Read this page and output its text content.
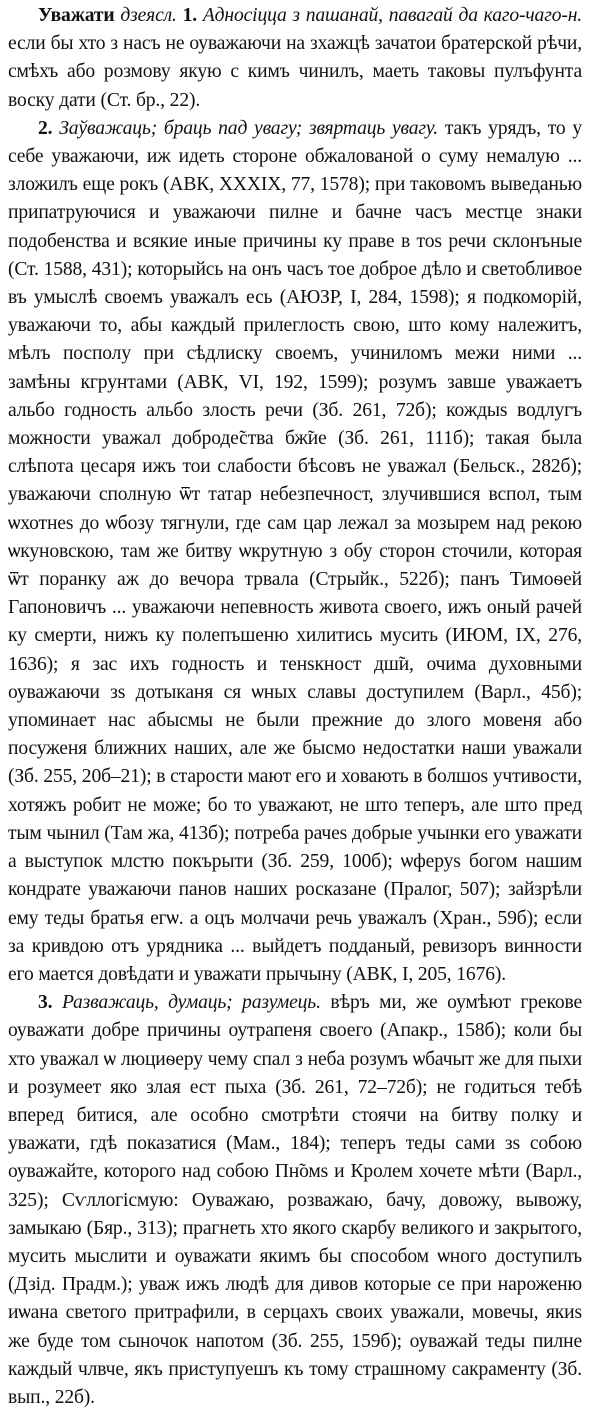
Уважати дзеясл. 1. Адносіцца з пашанай, павагай да каго-чаго-н. если бы хто з насъ не оуважаючи на зхажцѣ зачатои братерской рѣчи, смѣхъ або розмову якую с кимъ чинилъ, маеть таковы пулъфунта воску дати (Ст. бр., 22).

2. Заўважаць; браць пад увагу; звяртаць увагу. такъ урядъ, то у себе уважаючи, иж идеть стороне обжалованой о суму немалую ... зложилъ еще рокъ (АВК, XXXIX, 77, 1578); при таковомъ выведанью припатруючися и уважаючи пилне и бачне часъ местце знаки подобенства и всякие иные причины ку праве в тоѕ речи склонъные (Ст. 1588, 431); которыйсь на онъ часъ тое доброе дѣло и светобливое въ умыслѣ своемъ уважалъ есь (АЮЗР, I, 284, 1598); я подкоморій, уважаючи то, абы каждый прилеглость свою, што кому належитъ, мѣлъ посполу при сѣдлиску своемъ, учиниломъ межи ними ... замѣны кгрунтами (АВК, VI, 192, 1599); розумъ завше уважаетъ альбо годность альбо злость речи (Зб. 261, 72б); кождыѕ водлугъ можности уважал доброде̃ства бж̃ие (Зб. 261, 111б); такая была слѣпота цесаря ижъ тои слабости бѣсовъ не уважал (Бельск., 282б); уважаючи сполную ѿт татар небезпечност, злучившися вспол, тым ѡхотнеѕ до ѡбозу тягнули, где сам цар лежал за мозырем над рекою ѡкуновскою, там же битву ѡкрутную з обу сторон сточили, которая ѿт поранку аж до вечора трвала (Стрыйк., 522б); панъ Тимоѳей Гапоновичъ ... уважаючи непевность живота своего, ижъ оный рачей ку смерти, нижъ ку полепъшеню хилитись мусить (ИЮМ, IX, 276, 1636); я зас ихъ годность и тенѕкност дш̃и, очима духовными оуважаючи зѕ дотыканя ся ѡных славы доступилем (Варл., 45б); упоминает нас абысмы не были прежние до злого мовеня або посуженя ближних наших, але же бысмо недостатки наши уважали (Зб. 255, 20б–21); в старости мают его и ховають в болшоѕ учтивости, хотяжъ робит не може; бо то уважают, не што теперъ, але што пред тым чынил (Там жа, 413б); потреба рачеѕ добрые учынки его уважати а выступок млстю покърыти (Зб. 259, 100б); ѡферуѕ богом нашим кондрате уважаючи панов наших росказане (Пралог, 507); зайзрѣли ему теды братья егѡ. а оцъ молчачи речь уважалъ (Хран., 59б); если за кривдою отъ урядника ... выйдетъ подданый, ревизоръ винности его мается довѣдати и уважати прычыну (АВК, I, 205, 1676).

3. Разважаць, думаць; разумець. вѣръ ми, же оумѣют грекове оуважати добре причины оутрапеня своего (Апакр., 158б); коли бы хто уважал ѡ люциѳеру чему спал з неба розумъ ѡбачыт же для пыхи и розумеет яко злая ест пыха (Зб. 261, 72–72б); не годиться тебѣ вперед битися, але особно смотрѣти стоячи на битву полку и уважати, гдѣ показатися (Мам., 184); теперъ теды сами зѕ собою оуважайте, которого над собою Пн̃омѕ и Кролем хочете мѣти (Варл., 325); Сѵллогісмую: Оуважаю, розважаю, бачу, довожу, вывожу, замыкаю (Бяр., 313); прагнеть хто якого скарбу великого и закрытого, мусить мыслити и оуважати якимъ бы способом ѡного доступилъ (Дзід. Прадм.); уваж ижъ людѣ для дивов которые се при нароженю иѡана светого притрафили, в серцахъ своих уважали, мовечы, якиѕ же буде том сыночок напотом (Зб. 255, 159б); оуважай теды пилне каждый члвче, якъ приступуешъ къ тому страшному сакраменту (Зб. вып., 22б).
